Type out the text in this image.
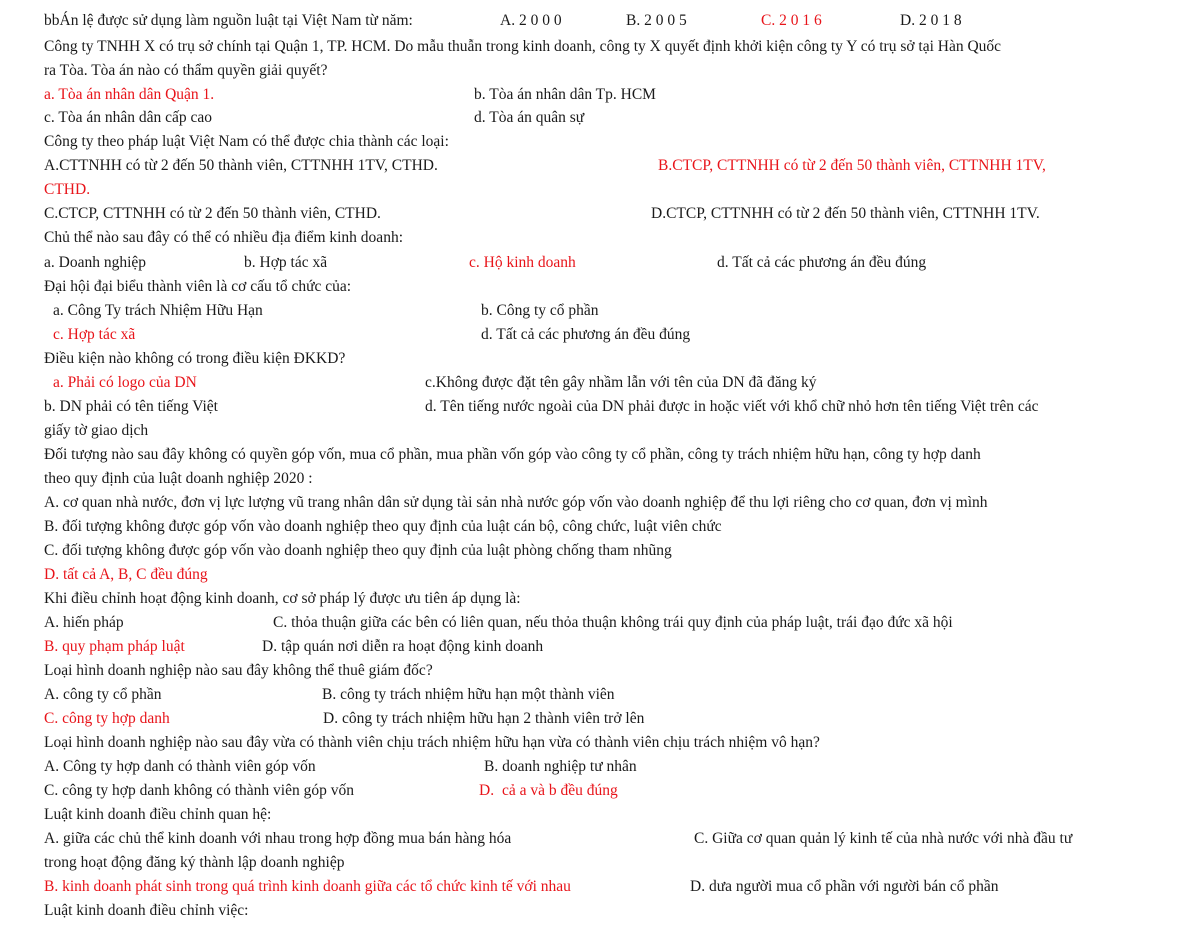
bbÁn lệ được sử dụng làm nguồn luật tại Việt Nam từ năm:	A. 2 0 0 0	B. 2 0 0 5	C. 2 0 1 6	D. 2 0 1 8
Công ty TNHH X có trụ sở chính tại Quận 1, TP. HCM. Do mẫu thuẫn trong kinh doanh, công ty X quyết định khởi kiện công ty Y có trụ sở tại Hàn Quốc
ra Tòa. Tòa án nào có thẩm quyền giải quyết?
a. Tòa án nhân dân Quận 1.	b. Tòa án nhân dân Tp. HCM
c. Tòa án nhân dân cấp cao	d. Tòa án quân sự
Công ty theo pháp luật Việt Nam có thể được chia thành các loại:
A.CTTNHH có từ 2 đến 50 thành viên, CTTNHH 1TV, CTHD.	B.CTCP, CTTNHH có từ 2 đến 50 thành viên, CTTNHH 1TV,
CTHD.
C.CTCP, CTTNHH có từ 2 đến 50 thành viên, CTHD.	D.CTCP, CTTNHH có từ 2 đến 50 thành viên, CTTNHH 1TV.
Chủ thể nào sau đây có thể có nhiều địa điểm kinh doanh:
a. Doanh nghiệp	b. Hợp tác xã	c. Hộ kinh doanh	d. Tất cả các phương án đều đúng
Đại hội đại biểu thành viên là cơ cấu tổ chức của:
a. Công Ty trách Nhiệm Hữu Hạn	b. Công ty cổ phần
c. Hợp tác xã	d. Tất cả các phương án đều đúng
Điều kiện nào không có trong điều kiện ĐKKD?
a. Phải có logo của DN	c.Không được đặt tên gây nhầm lẫn với tên của DN đã đăng ký
b. DN phải có tên tiếng Việt	d. Tên tiếng nước ngoài của DN phải được in hoặc viết với khổ chữ nhỏ hơn tên tiếng Việt trên các
giấy tờ giao dịch
Đối tượng nào sau đây không có quyền góp vốn, mua cổ phần, mua phần vốn góp vào công ty cổ phần, công ty trách nhiệm hữu hạn, công ty hợp danh
theo quy định của luật doanh nghiệp 2020 :
A. cơ quan nhà nước, đơn vị lực lượng vũ trang nhân dân sử dụng tài sản nhà nước góp vốn vào doanh nghiệp để thu lợi riêng cho cơ quan, đơn vị mình
B. đối tượng không được góp vốn vào doanh nghiệp theo quy định của luật cán bộ, công chức, luật viên chức
C. đối tượng không được góp vốn vào doanh nghiệp theo quy định của luật phòng chống tham nhũng
D. tất cả A, B, C đều đúng
Khi điều chỉnh hoạt động kinh doanh, cơ sở pháp lý được ưu tiên áp dụng là:
A. hiến pháp	C. thỏa thuận giữa các bên có liên quan, nếu thỏa thuận không trái quy định của pháp luật, trái đạo đức xã hội
B. quy phạm pháp luật	D. tập quán nơi diễn ra hoạt động kinh doanh
Loại hình doanh nghiệp nào sau đây không thể thuê giám đốc?
A. công ty cổ phần	B. công ty trách nhiệm hữu hạn một thành viên
C. công ty hợp danh	D. công ty trách nhiệm hữu hạn 2 thành viên trở lên
Loại hình doanh nghiệp nào sau đây vừa có thành viên chịu trách nhiệm hữu hạn vừa có thành viên chịu trách nhiệm vô hạn?
A. Công ty hợp danh có thành viên góp vốn	B. doanh nghiệp tư nhân
C. công ty hợp danh không có thành viên góp vốn	D. cả a và b đều đúng
Luật kinh doanh điều chỉnh quan hệ:
A. giữa các chủ thể kinh doanh với nhau trong hợp đồng mua bán hàng hóa	C. Giữa cơ quan quản lý kinh tế của nhà nước với nhà đầu tư
trong hoạt động đăng ký thành lập doanh nghiệp
B. kinh doanh phát sinh trong quá trình kinh doanh giữa các tổ chức kinh tế với nhau	D. dưa người mua cổ phần với người bán cổ phần
Luật kinh doanh điều chỉnh việc:
